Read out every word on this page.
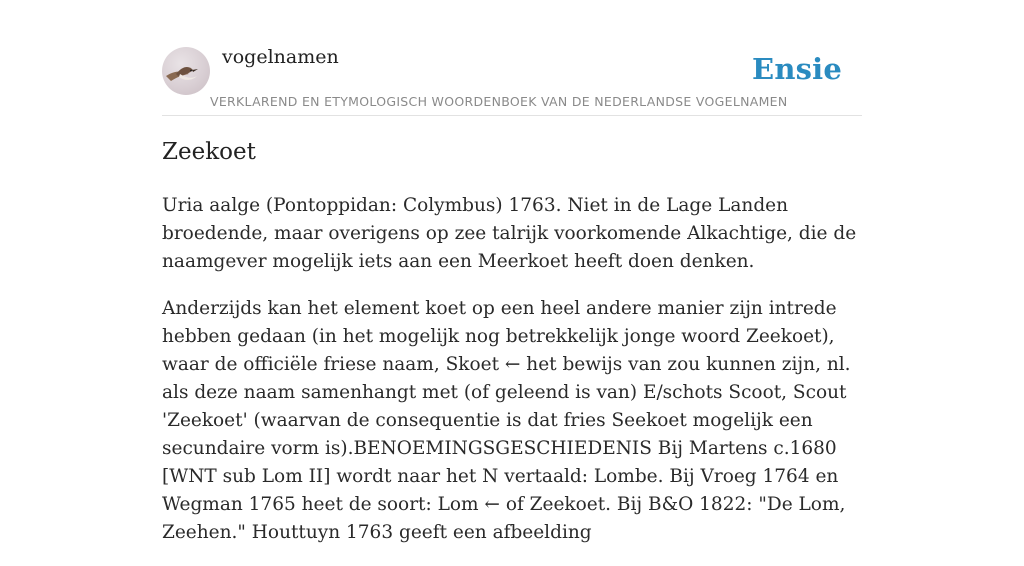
vogelnamen	Ensie
VERKLAREND EN ETYMOLOGISCH WOORDENBOEK VAN DE NEDERLANDSE VOGELNAMEN
Zeekoet

Uria aalge (Pontoppidan: Colymbus) 1763. Niet in de Lage Landen broedende, maar overigens op zee talrijk voorkomende Alkachtige, die de naamgever mogelijk iets aan een Meerkoet heeft doen denken.

Anderzijds kan het element koet op een heel andere manier zijn intrede hebben gedaan (in het mogelijk nog betrekkelijk jonge woord Zeekoet), waar de officiële friese naam, Skoet ← het bewijs van zou kunnen zijn, nl. als deze naam samenhangt met (of geleend is van) E/schots Scoot, Scout 'Zeekoet' (waarvan de consequentie is dat fries Seekoet mogelijk een secundaire vorm is).BENOEMINGSGESCHIEDENIS Bij Martens c.1680 [WNT sub Lom II] wordt naar het N vertaald: Lombe. Bij Vroeg 1764 en Wegman 1765 heet de soort: Lom ← of Zeekoet. Bij B&O 1822: "De Lom, Zeehen." Houttuyn 1763 geeft een afbeelding
